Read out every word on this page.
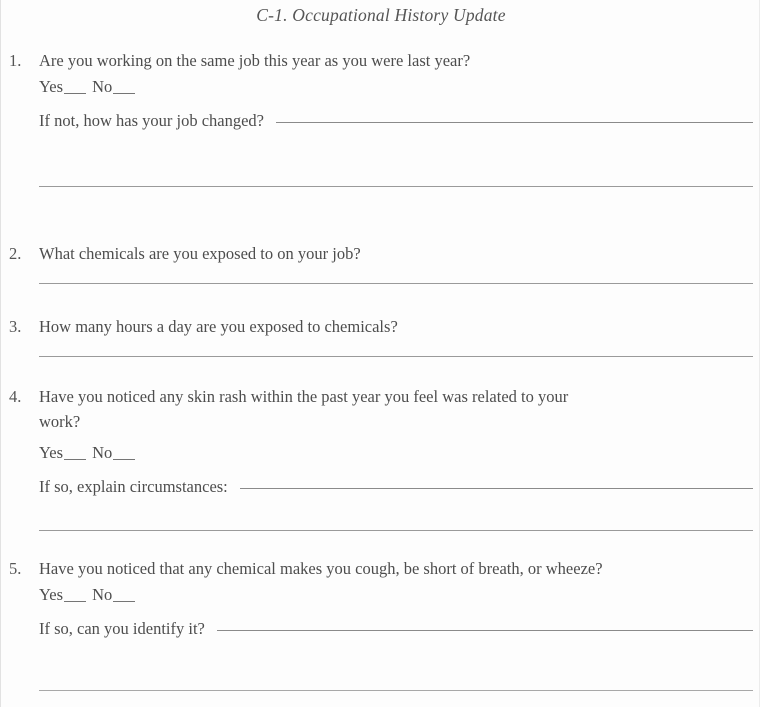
C-1. Occupational History Update
1.	Are you working on the same job this year as you were last year?
Yes No
If not, how has your job changed?
2.	What chemicals are you exposed to on your job?
3.	How many hours a day are you exposed to chemicals?
4.	Have you noticed any skin rash within the past year you feel was related to your
work?
Yes No
If so, explain circumstances:
5.	Have you noticed that any chemical makes you cough, be short of breath, or wheeze?
Yes No
If so, can you identify it?
